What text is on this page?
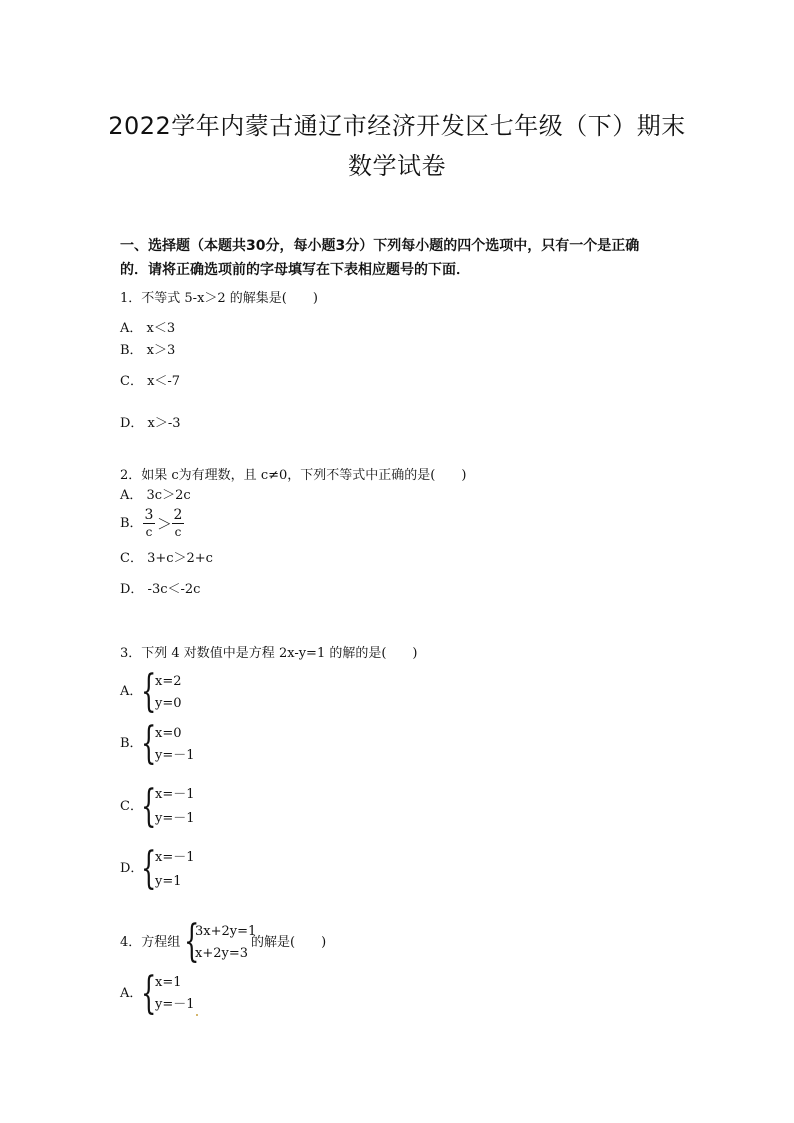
2022学年内蒙古通辽市经济开发区七年级（下）期末
数学试卷
一、选择题（本题共30分，每小题3分）下列每小题的四个选项中，只有一个是正确
的．请将正确选项前的字母填写在下表相应题号的下面．
1．不等式 5-x＞2 的解集是(　　)
A． x＜3
B． x＞3
C． x＜-7
D． x＞-3
2．如果 c为有理数，且 c≠0，下列不等式中正确的是(　　)
A． 3c＞2c
B．
3
c ＞ 2
c
C． 3+c＞2+c
D． -3c＜-2c
3．下列 4 对数值中是方程 2x-y=1 的解的是(　　)
A．
{
x=2
y=0
B．
{
x=0
y=－1
C．
{
x=－1
y=－1
D．
{
x=－1
y=1
4．方程组 {
3x+2y=1
x+2y=3
的解是(　　)
A．
{
x=1
y=－1
